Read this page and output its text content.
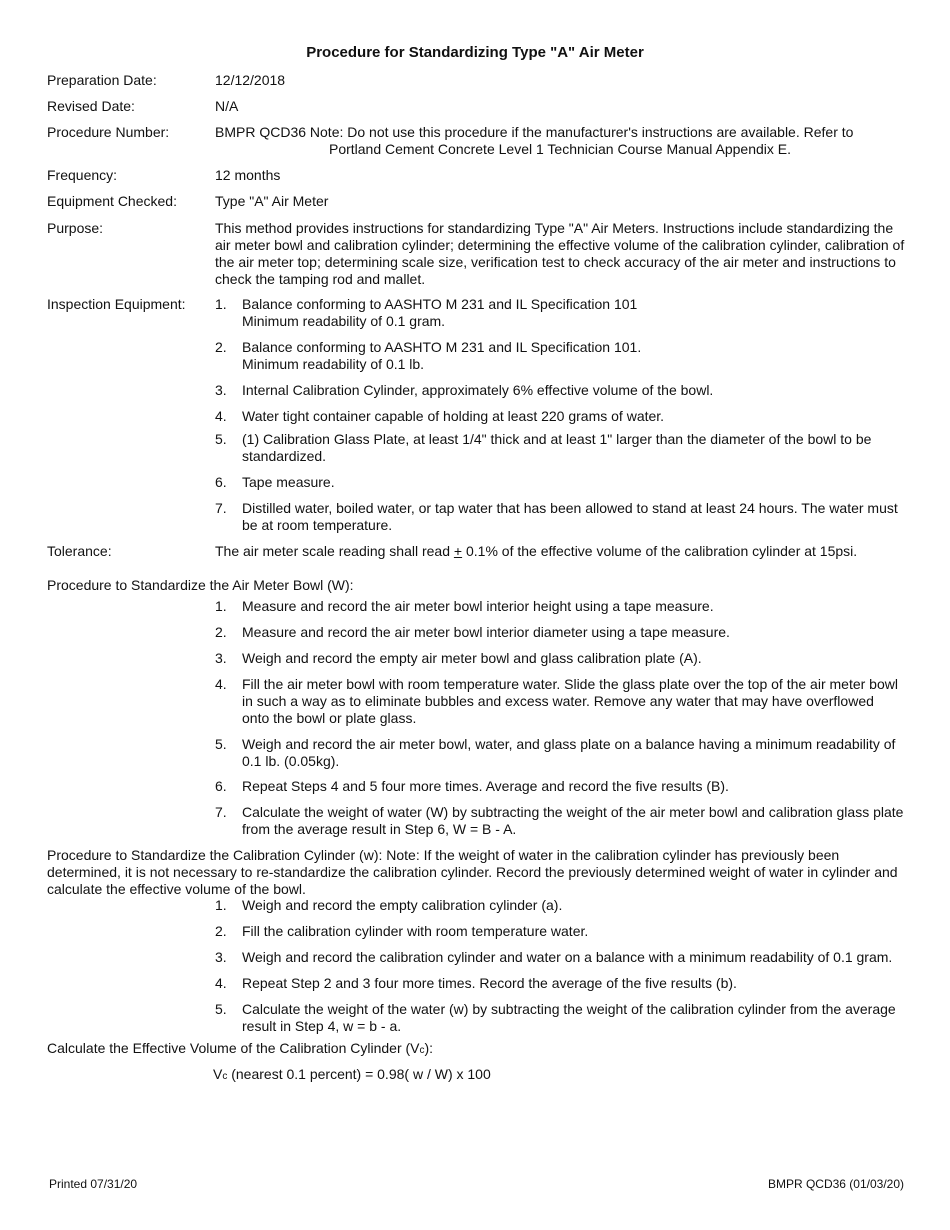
Procedure for Standardizing Type "A" Air Meter
Preparation Date:	12/12/2018
Revised Date:	N/A
Procedure Number:	BMPR QCD36 Note: Do not use this procedure if the manufacturer's instructions are available. Refer to
Portland Cement Concrete Level 1 Technician Course Manual Appendix E.
Frequency:	12 months
Equipment Checked:	Type "A" Air Meter
Purpose:	This method provides instructions for standardizing Type "A" Air Meters. Instructions include standardizing the air meter bowl and calibration cylinder; determining the effective volume of the calibration cylinder, calibration of the air meter top; determining scale size, verification test to check accuracy of the air meter and instructions to check the tamping rod and mallet.
Inspection Equipment: 1. Balance conforming to AASHTO M 231 and IL Specification 101
Minimum readability of 0.1 gram.
2. Balance conforming to AASHTO M 231 and IL Specification 101.
Minimum readability of 0.1 lb.
3. Internal Calibration Cylinder, approximately 6% effective volume of the bowl.
4. Water tight container capable of holding at least 220 grams of water.
5. (1) Calibration Glass Plate, at least 1/4" thick and at least 1" larger than the diameter of the bowl to be standardized.
6. Tape measure.
7. Distilled water, boiled water, or tap water that has been allowed to stand at least 24 hours. The water must be at room temperature.
Tolerance:	The air meter scale reading shall read + 0.1% of the effective volume of the calibration cylinder at 15psi.
Procedure to Standardize the Air Meter Bowl (W):
1. Measure and record the air meter bowl interior height using a tape measure.
2. Measure and record the air meter bowl interior diameter using a tape measure.
3. Weigh and record the empty air meter bowl and glass calibration plate (A).
4. Fill the air meter bowl with room temperature water. Slide the glass plate over the top of the air meter bowl in such a way as to eliminate bubbles and excess water. Remove any water that may have overflowed onto the bowl or plate glass.
5. Weigh and record the air meter bowl, water, and glass plate on a balance having a minimum readability of 0.1 lb. (0.05kg).
6. Repeat Steps 4 and 5 four more times. Average and record the five results (B).
7. Calculate the weight of water (W) by subtracting the weight of the air meter bowl and calibration glass plate from the average result in Step 6, W = B - A.
Procedure to Standardize the Calibration Cylinder (w): Note: If the weight of water in the calibration cylinder has previously been determined, it is not necessary to re-standardize the calibration cylinder. Record the previously determined weight of water in cylinder and calculate the effective volume of the bowl.
1. Weigh and record the empty calibration cylinder (a).
2. Fill the calibration cylinder with room temperature water.
3. Weigh and record the calibration cylinder and water on a balance with a minimum readability of 0.1 gram.
4. Repeat Step 2 and 3 four more times. Record the average of the five results (b).
5. Calculate the weight of the water (w) by subtracting the weight of the calibration cylinder from the average result in Step 4, w = b - a.
Calculate the Effective Volume of the Calibration Cylinder (Vc):
Vc (nearest 0.1 percent) = 0.98( w / W) x 100
Printed 07/31/20	BMPR QCD36 (01/03/20)
